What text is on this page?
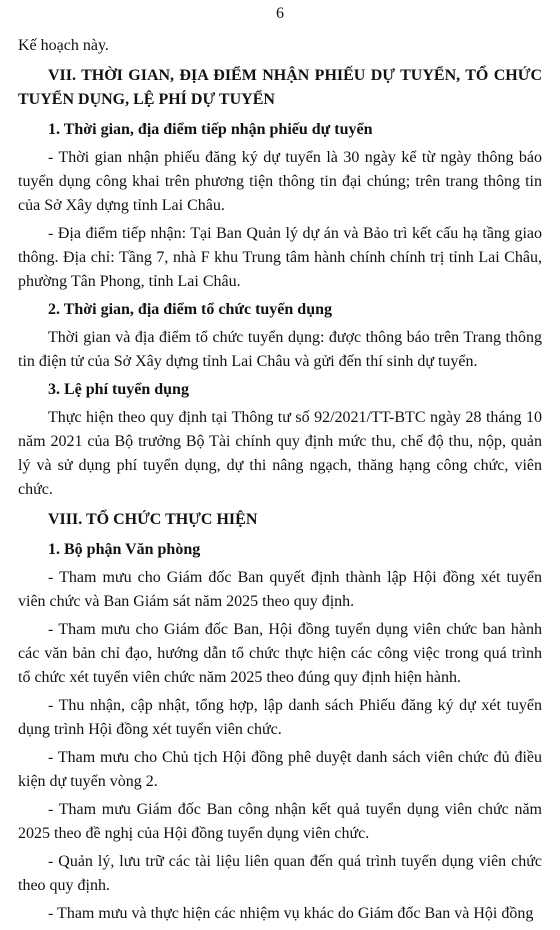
6

Kế hoạch này.

VII. THỜI GIAN, ĐỊA ĐIỂM NHẬN PHIẾU DỰ TUYỂN, TỔ CHỨC TUYỂN DỤNG, LỆ PHÍ DỰ TUYỂN

1. Thời gian, địa điểm tiếp nhận phiếu dự tuyển

- Thời gian nhận phiếu đăng ký dự tuyển là 30 ngày kể từ ngày thông báo tuyển dụng công khai trên phương tiện thông tin đại chúng; trên trang thông tin của Sở Xây dựng tỉnh Lai Châu.

- Địa điểm tiếp nhận: Tại Ban Quản lý dự án và Bảo trì kết cấu hạ tầng giao thông. Địa chỉ: Tầng 7, nhà F khu Trung tâm hành chính chính trị tỉnh Lai Châu, phường Tân Phong, tỉnh Lai Châu.

2. Thời gian, địa điểm tổ chức tuyển dụng

Thời gian và địa điểm tổ chức tuyển dụng: được thông báo trên Trang thông tin điện tử của Sở Xây dựng tỉnh Lai Châu và gửi đến thí sinh dự tuyển.

3. Lệ phí tuyển dụng

Thực hiện theo quy định tại Thông tư số 92/2021/TT-BTC ngày 28 tháng 10 năm 2021 của Bộ trưởng Bộ Tài chính quy định mức thu, chế độ thu, nộp, quản lý và sử dụng phí tuyển dụng, dự thi nâng ngạch, thăng hạng công chức, viên chức.

VIII. TỔ CHỨC THỰC HIỆN

1. Bộ phận Văn phòng

- Tham mưu cho Giám đốc Ban quyết định thành lập Hội đồng xét tuyển viên chức và Ban Giám sát năm 2025 theo quy định.

- Tham mưu cho Giám đốc Ban, Hội đồng tuyển dụng viên chức ban hành các văn bản chỉ đạo, hướng dẫn tổ chức thực hiện các công việc trong quá trình tổ chức xét tuyển viên chức năm 2025 theo đúng quy định hiện hành.

- Thu nhận, cập nhật, tổng hợp, lập danh sách Phiếu đăng ký dự xét tuyển dụng trình Hội đồng xét tuyển viên chức.

- Tham mưu cho Chủ tịch Hội đồng phê duyệt danh sách viên chức đủ điều kiện dự tuyển vòng 2.

- Tham mưu Giám đốc Ban công nhận kết quả tuyển dụng viên chức năm 2025 theo đề nghị của Hội đồng tuyển dụng viên chức.

- Quản lý, lưu trữ các tài liệu liên quan đến quá trình tuyển dụng viên chức theo quy định.

- Tham mưu và thực hiện các nhiệm vụ khác do Giám đốc Ban và Hội đồng
